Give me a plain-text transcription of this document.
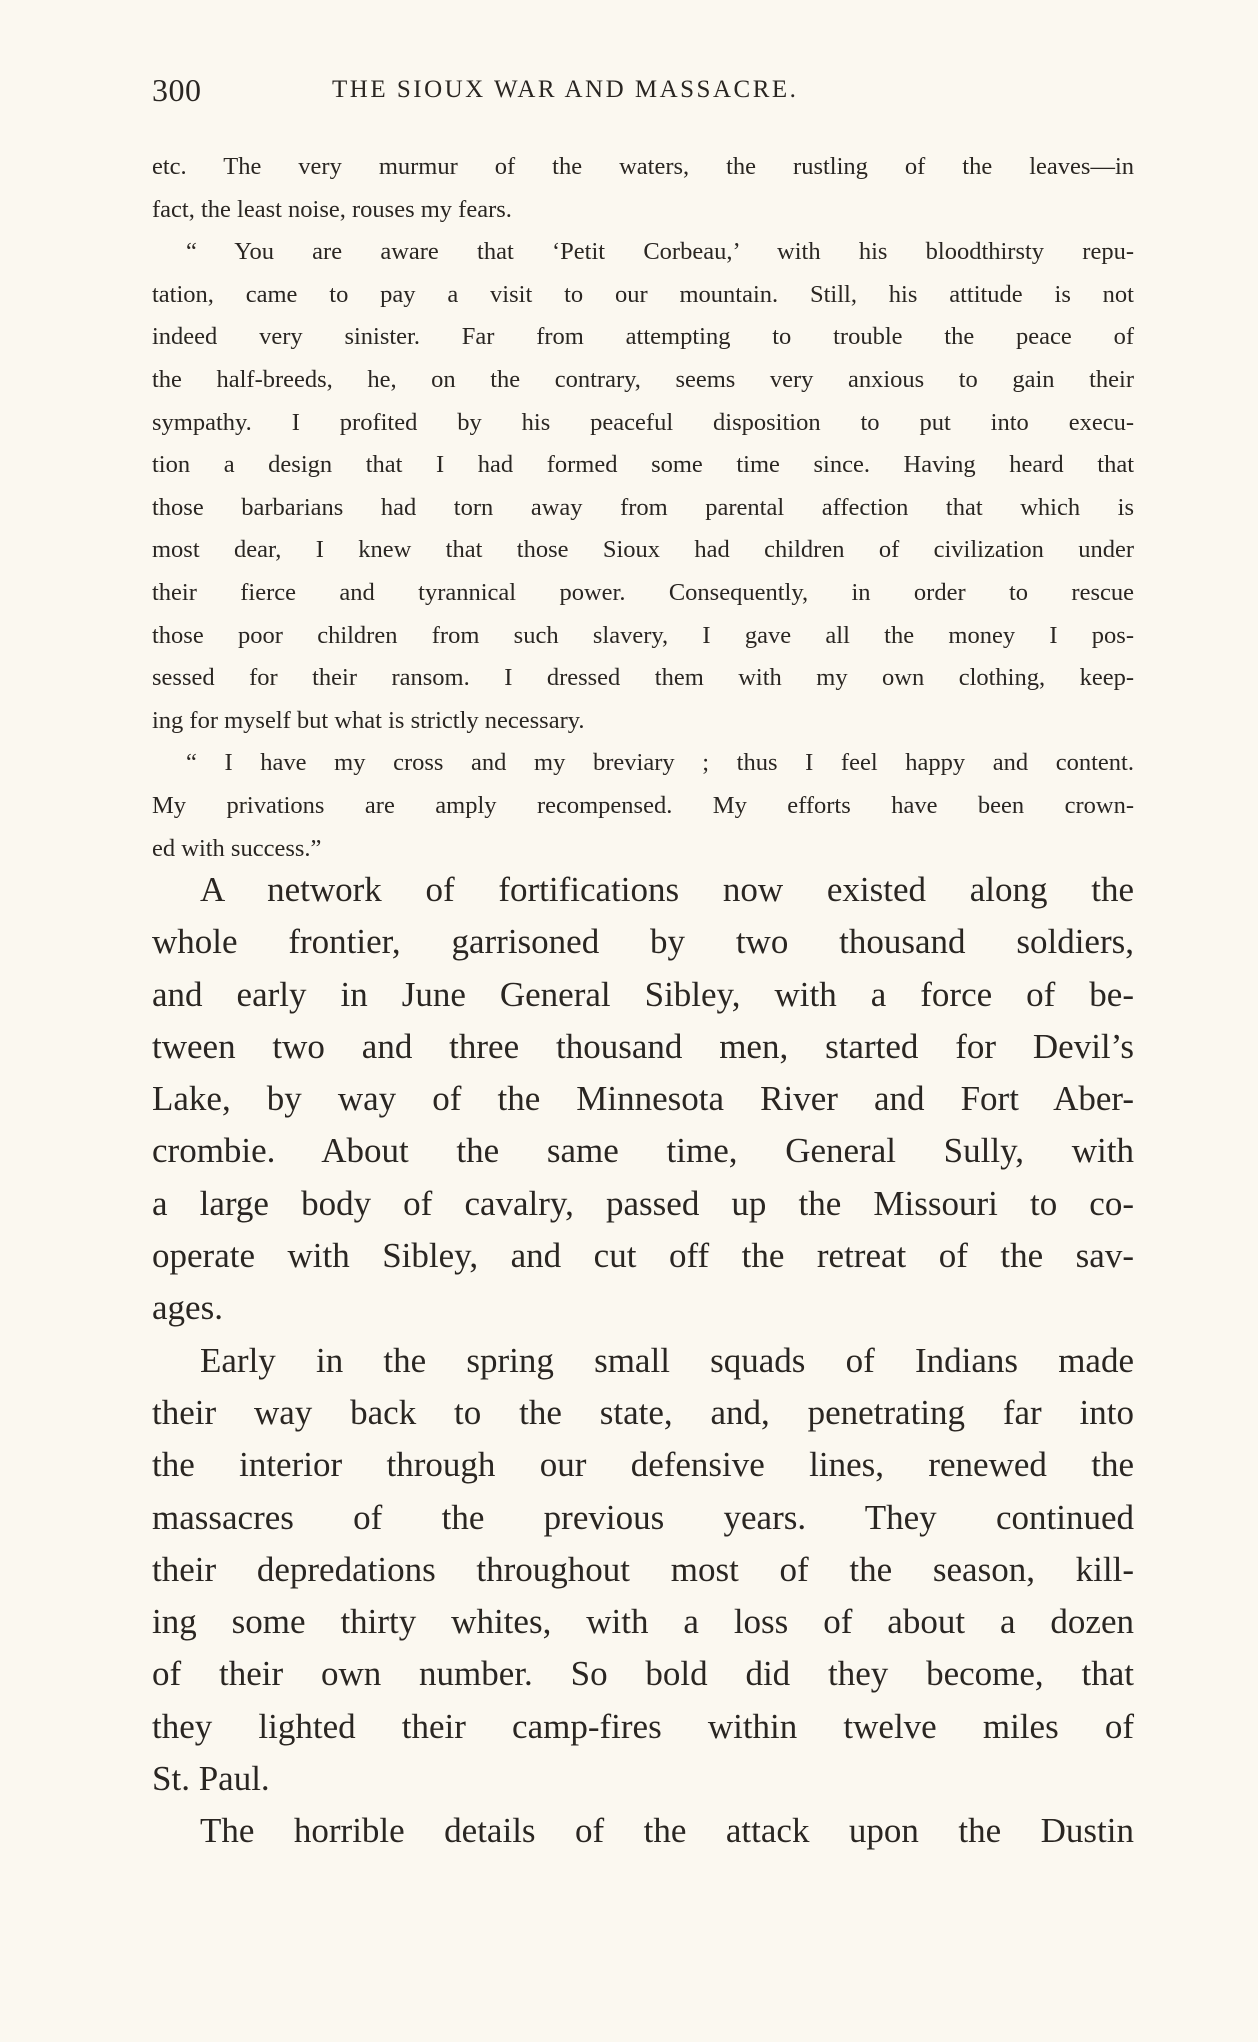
300	THE SIOUX WAR AND MASSACRE.
etc. The very murmur of the waters, the rustling of the leaves—in
fact, the least noise, rouses my fears.
“ You are aware that ‘Petit Corbeau,’ with his bloodthirsty repu-
tation, came to pay a visit to our mountain. Still, his attitude is not
indeed very sinister. Far from attempting to trouble the peace of
the half-breeds, he, on the contrary, seems very anxious to gain their
sympathy. I profited by his peaceful disposition to put into execu-
tion a design that I had formed some time since. Having heard that
those barbarians had torn away from parental affection that which is
most dear, I knew that those Sioux had children of civilization under
their fierce and tyrannical power. Consequently, in order to rescue
those poor children from such slavery, I gave all the money I pos-
sessed for their ransom. I dressed them with my own clothing, keep-
ing for myself but what is strictly necessary.
“ I have my cross and my breviary ; thus I feel happy and content.
My privations are amply recompensed. My efforts have been crown-
ed with success.”
A network of fortifications now existed along the
whole frontier, garrisoned by two thousand soldiers,
and early in June General Sibley, with a force of be-
tween two and three thousand men, started for Devil’s
Lake, by way of the Minnesota River and Fort Aber-
crombie. About the same time, General Sully, with
a large body of cavalry, passed up the Missouri to co-
operate with Sibley, and cut off the retreat of the sav-
ages.
Early in the spring small squads of Indians made
their way back to the state, and, penetrating far into
the interior through our defensive lines, renewed the
massacres of the previous years. They continued
their depredations throughout most of the season, kill-
ing some thirty whites, with a loss of about a dozen
of their own number. So bold did they become, that
they lighted their camp-fires within twelve miles of
St. Paul.
The horrible details of the attack upon the Dustin
